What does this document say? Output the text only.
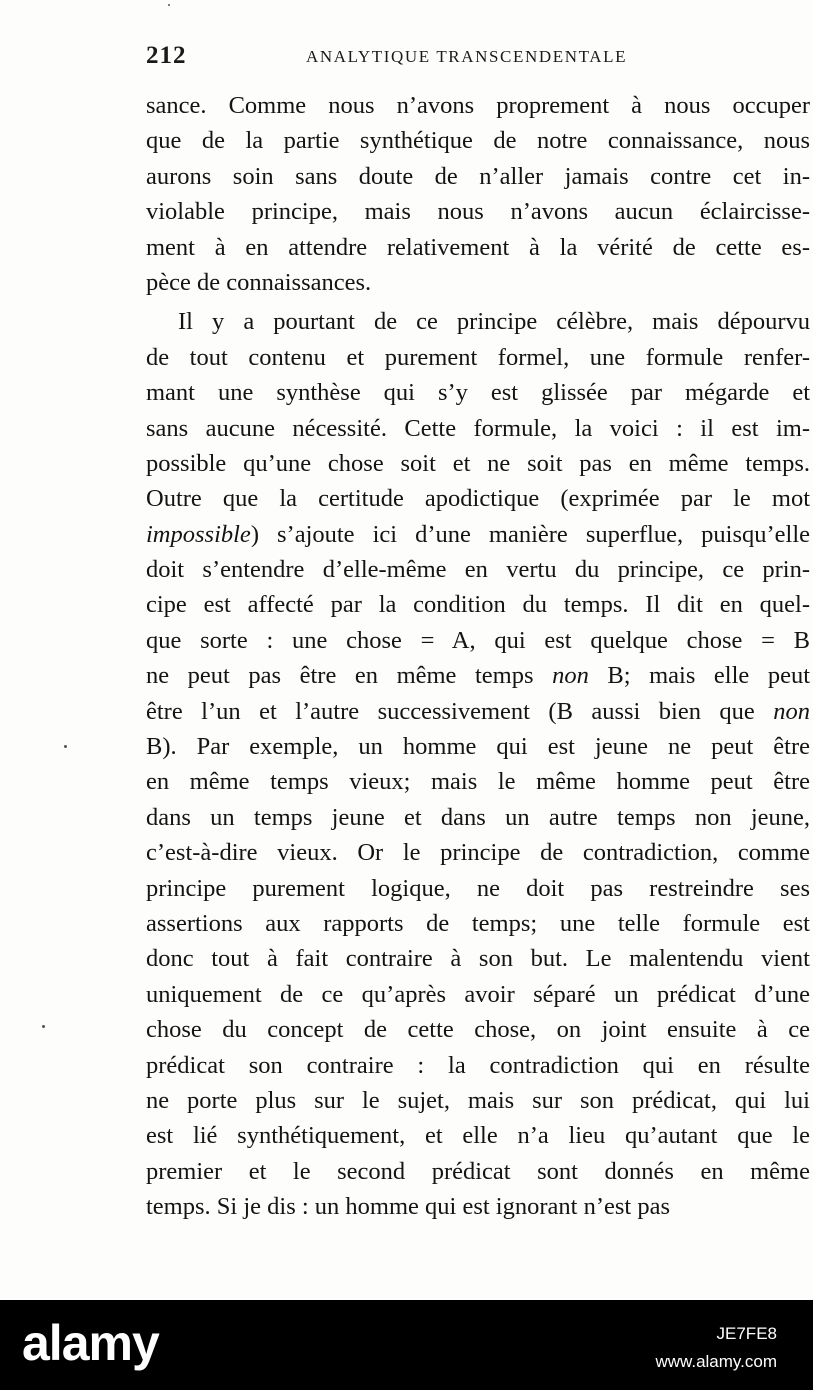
212	ANALYTIQUE TRANSCENDENTALE
sance. Comme nous n’avons proprement à nous occuper
que de la partie synthétique de notre connaissance, nous
aurons soin sans doute de n’aller jamais contre cet in-
violable principe, mais nous n’avons aucun éclaircisse-
ment à en attendre relativement à la vérité de cette es-
pèce de connaissances.
Il y a pourtant de ce principe célèbre, mais dépourvu
de tout contenu et purement formel, une formule renfer-
mant une synthèse qui s’y est glissée par mégarde et
sans aucune nécessité. Cette formule, la voici : il est im-
possible qu’une chose soit et ne soit pas en même temps.
Outre que la certitude apodictique (exprimée par le mot
impossible) s’ajoute ici d’une manière superflue, puisqu’elle
doit s’entendre d’elle-même en vertu du principe, ce prin-
cipe est affecté par la condition du temps. Il dit en quel-
que sorte : une chose = A, qui est quelque chose = B
ne peut pas être en même temps non B; mais elle peut
être l’un et l’autre successivement (B aussi bien que non
B). Par exemple, un homme qui est jeune ne peut être
en même temps vieux; mais le même homme peut être
dans un temps jeune et dans un autre temps non jeune,
c’est-à-dire vieux. Or le principe de contradiction, comme
principe purement logique, ne doit pas restreindre ses
assertions aux rapports de temps; une telle formule est
donc tout à fait contraire à son but. Le malentendu vient
uniquement de ce qu’après avoir séparé un prédicat d’une
chose du concept de cette chose, on joint ensuite à ce
prédicat son contraire : la contradiction qui en résulte
ne porte plus sur le sujet, mais sur son prédicat, qui lui
est lié synthétiquement, et elle n’a lieu qu’autant que le
premier et le second prédicat sont donnés en même
temps. Si je dis : un homme qui est ignorant n’est pas
alamy	JE7FE8
www.alamy.com
